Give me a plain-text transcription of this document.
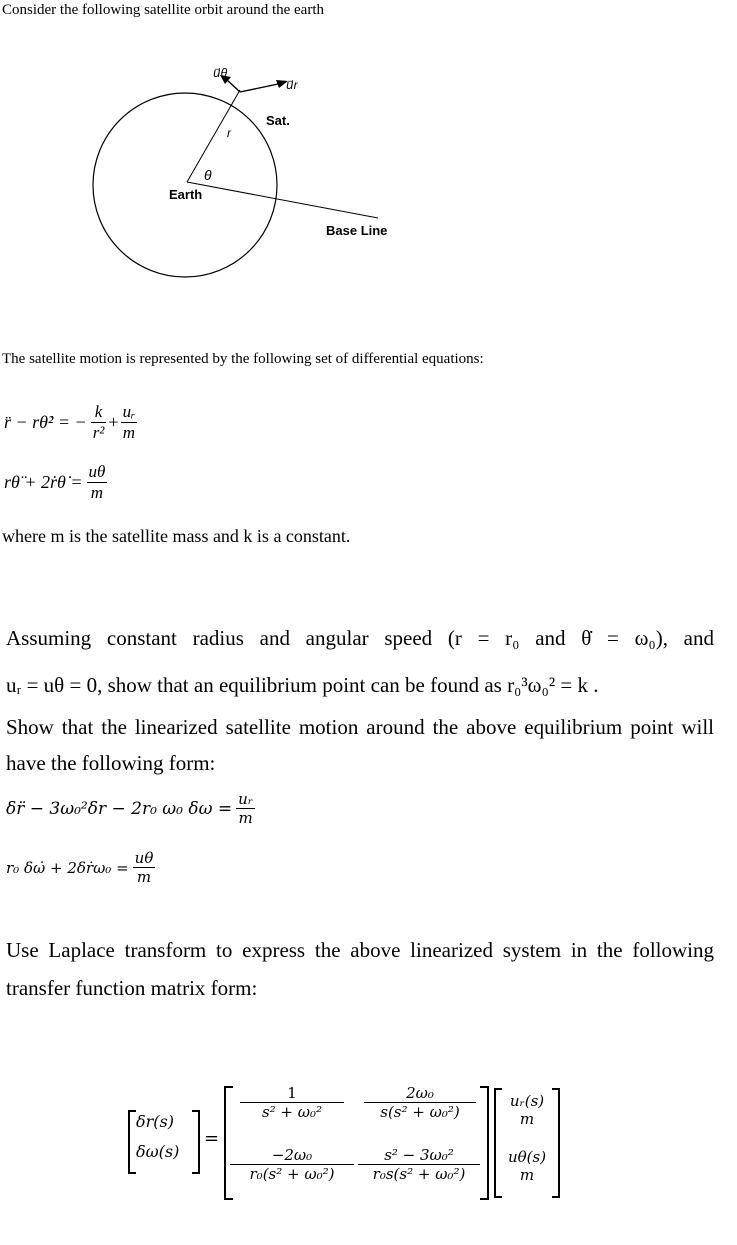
Consider the following satellite orbit around the earth
u⃗θ
u⃗r
Sat.
r
θ
Earth
Base Line
The satellite motion is represented by the following set of differential equations:
r̈ − rθ̇² = − $\frac{k}{\text{r²}} + \frac{\text{uᵣ}}{m}$
rθ̈ + 2ṙθ̇ = $\frac{u\theta}{m}$
where m is the satellite mass and k is a constant.
Assuming constant radius and angular speed (r = r₀ and θ̇ = ω₀), and
uᵣ = uθ = 0, show that an equilibrium point can be found as r₀³ω₀² = k .
Show that the linearized satellite motion around the above equilibrium point will
have the following form:
δr̈ − 3ω₀²δr − 2r₀ ω₀ $\delta\omega = \frac{\text{uᵣ}}{m}$
r₀ δω̇ + 2δṙω₀ = $\frac{u\theta}{m}$
Use Laplace transform to express the above linearized system in the following
transfer function matrix form:
δr(s)
δω(s)
=
$\frac{1}{\text{s² + ω₀²}} \frac{\text{2ω₀}}{\text{s(s² + ω₀²)}}$
$\frac{\text{−2ω₀}}{\text{r₀(s² + ω₀²)}} \frac{\text{s² − 3ω₀²}}{\text{r₀s(s² + ω₀²)}}$
uᵣ(s)
m
uθ(s)
m
